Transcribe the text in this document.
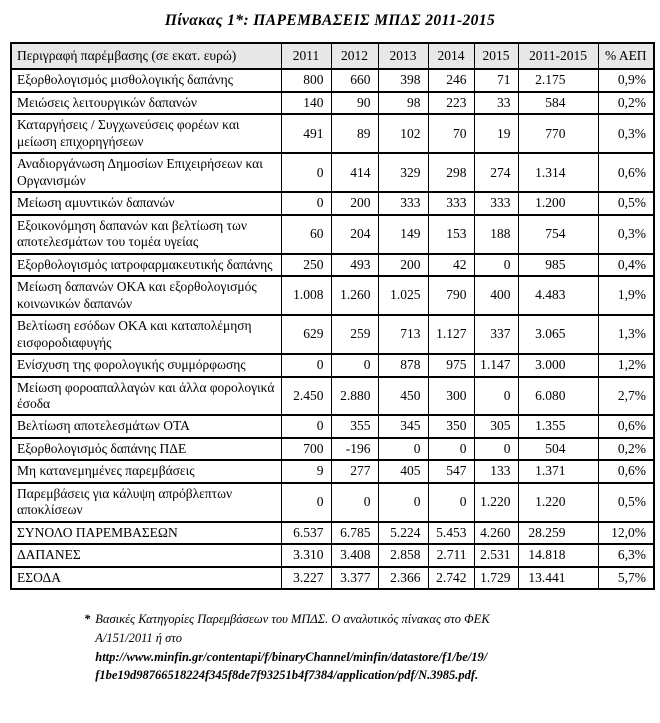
Πίνακας 1*: ΠΑΡΕΜΒΑΣΕΙΣ ΜΠΔΣ 2011-2015
Περιγραφή παρέμβασης (σε εκατ. ευρώ)	2011	2012	2013	2014	2015	2011-2015	% ΑΕΠ
Εξορθολογισμός μισθολογικής δαπάνης	800	660	398	246	71	2.175	0,9%
Μειώσεις λειτουργικών δαπανών	140	90	98	223	33	584	0,2%
Καταργήσεις / Συγχωνεύσεις φορέων και μείωση επιχορηγήσεων	491	89	102	70	19	770	0,3%
Αναδιοργάνωση Δημοσίων Επιχειρήσεων και Οργανισμών	0	414	329	298	274	1.314	0,6%
Μείωση αμυντικών δαπανών	0	200	333	333	333	1.200	0,5%
Εξοικονόμηση δαπανών και βελτίωση των αποτελεσμάτων του τομέα υγείας	60	204	149	153	188	754	0,3%
Εξορθολογισμός ιατροφαρμακευτικής δαπάνης	250	493	200	42	0	985	0,4%
Μείωση δαπανών ΟΚΑ και εξορθολογισμός κοινωνικών δαπανών	1.008	1.260	1.025	790	400	4.483	1,9%
Βελτίωση εσόδων ΟΚΑ και καταπολέμηση εισφοροδιαφυγής	629	259	713	1.127	337	3.065	1,3%
Ενίσχυση της φορολογικής συμμόρφωσης	0	0	878	975	1.147	3.000	1,2%
Μείωση φοροαπαλλαγών και άλλα φορολογικά έσοδα	2.450	2.880	450	300	0	6.080	2,7%
Βελτίωση αποτελεσμάτων ΟΤΑ	0	355	345	350	305	1.355	0,6%
Εξορθολογισμός δαπάνης ΠΔΕ	700	-196	0	0	0	504	0,2%
Μη κατανεμημένες παρεμβάσεις	9	277	405	547	133	1.371	0,6%
Παρεμβάσεις για κάλυψη απρόβλεπτων αποκλίσεων	0	0	0	0	1.220	1.220	0,5%
ΣΥΝΟΛΟ ΠΑΡΕΜΒΑΣΕΩΝ	6.537	6.785	5.224	5.453	4.260	28.259	12,0%
ΔΑΠΑΝΕΣ	3.310	3.408	2.858	2.711	2.531	14.818	6,3%
ΕΣΟΔΑ	3.227	3.377	2.366	2.742	1.729	13.441	5,7%
* Βασικές Κατηγορίες Παρεμβάσεων του ΜΠΔΣ. Ο αναλυτικός πίνακας στο ΦΕΚ
Α/151/2011 ή στο
http://www.minfin.gr/contentapi/f/binaryChannel/minfin/datastore/f1/be/19/
f1be19d98766518224f345f8de7f93251b4f7384/application/pdf/N.3985.pdf.
